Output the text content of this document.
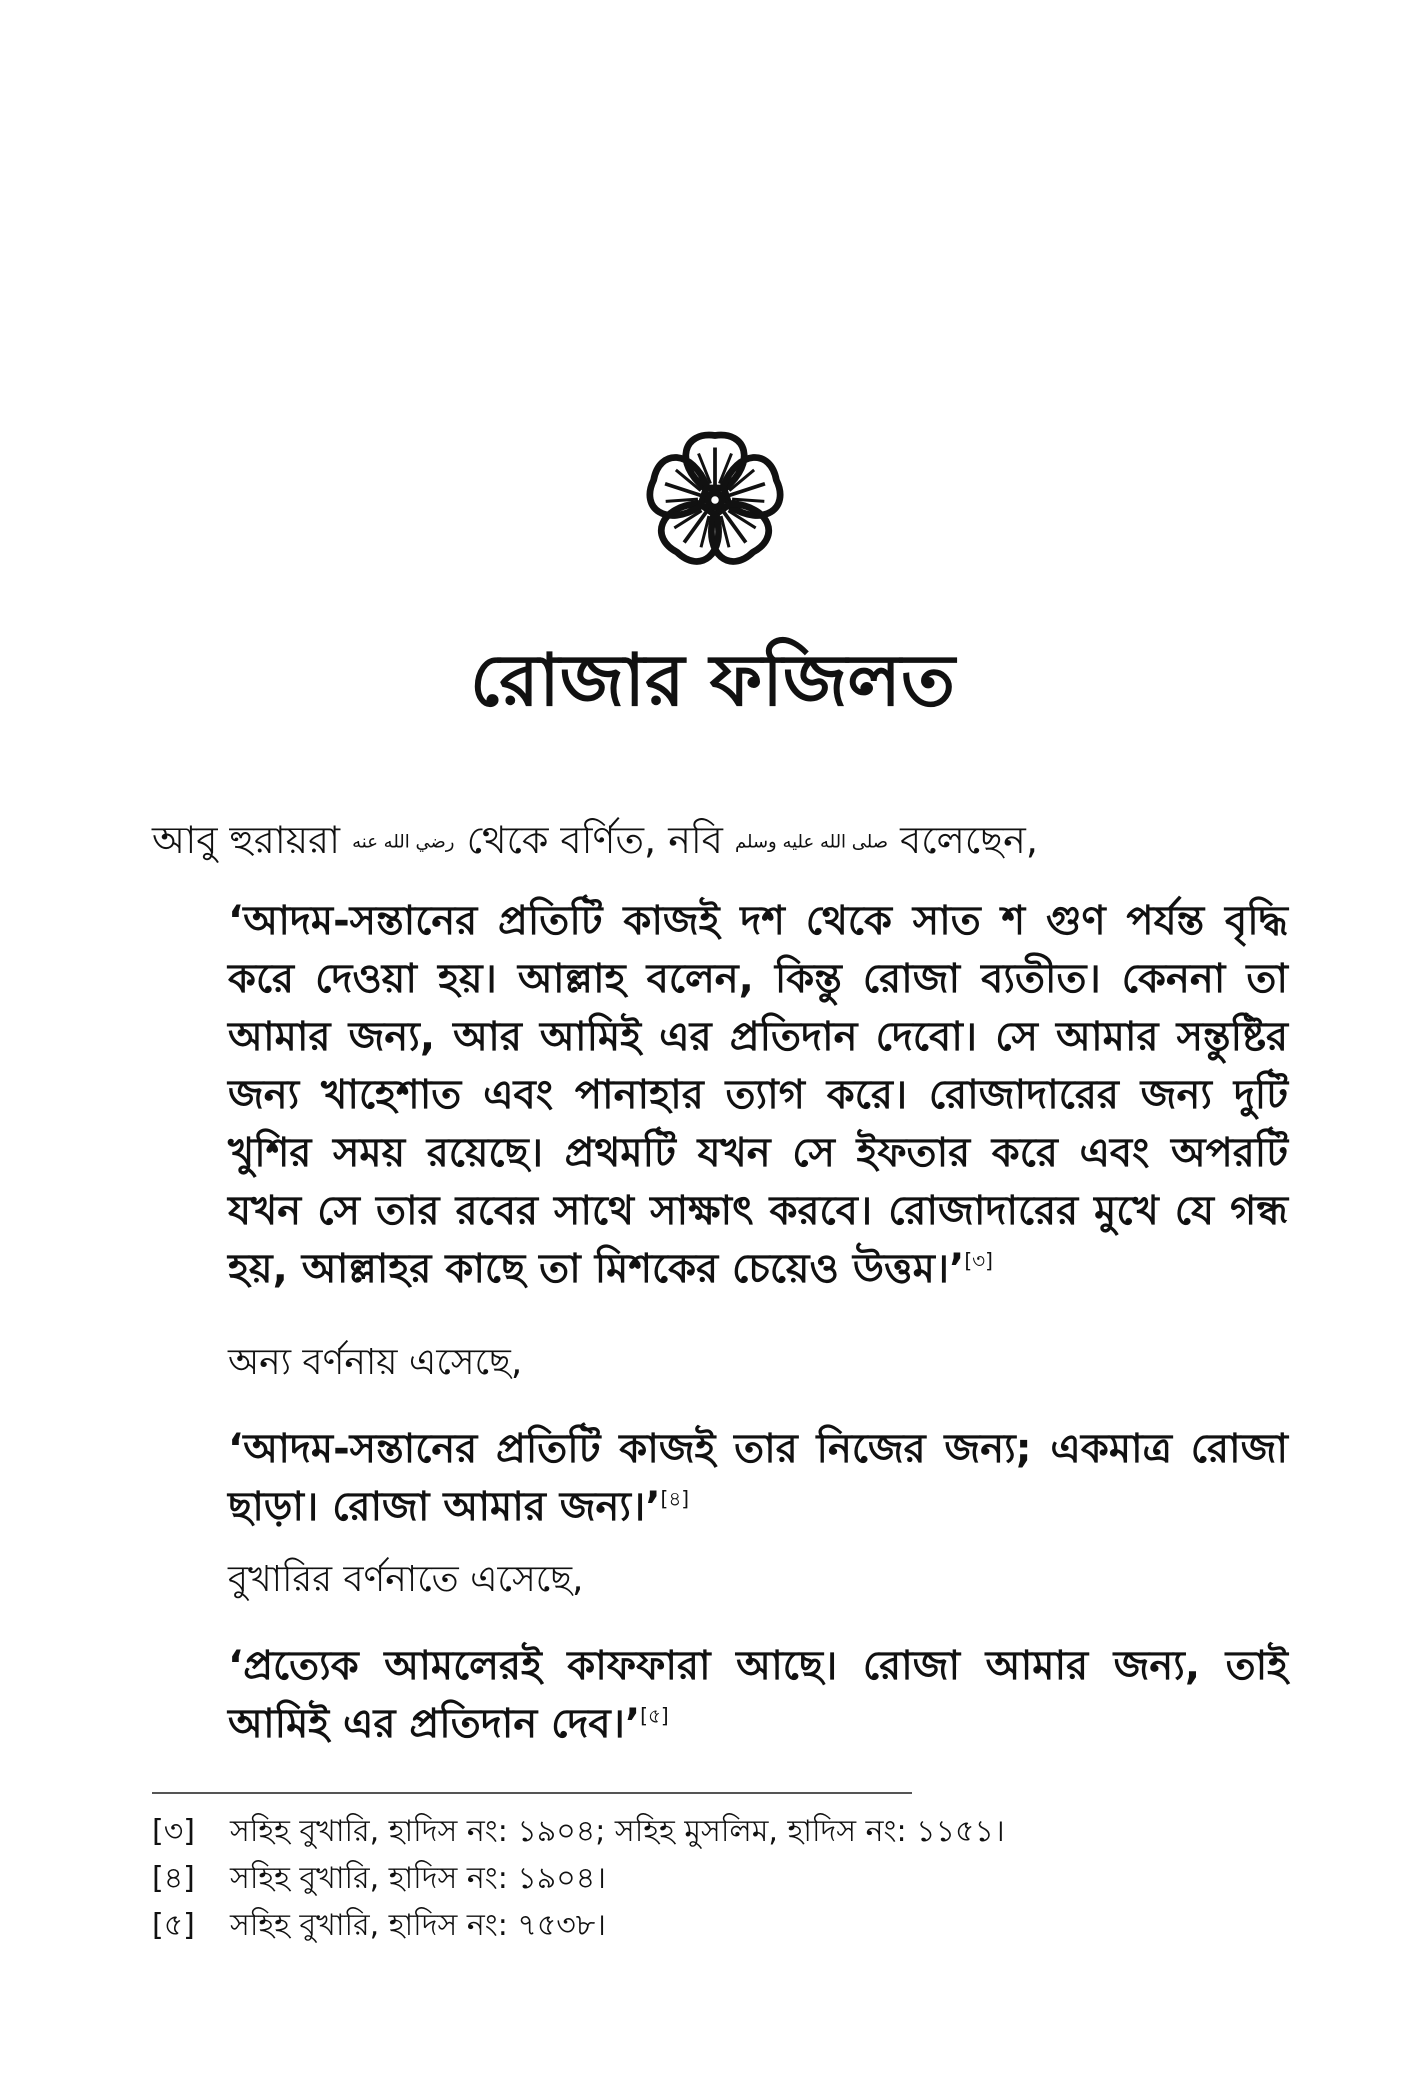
রোজার ফজিলত

আবু হুরায়রা رضي الله عنه থেকে বর্ণিত, নবি صلى الله عليه وسلم বলেছেন,

‘আদম-সন্তানের প্রতিটি কাজই দশ থেকে সাত শ গুণ পর্যন্ত বৃদ্ধি করে দেওয়া হয়। আল্লাহ বলেন, কিন্তু রোজা ব্যতীত। কেননা তা আমার জন্য, আর আমিই এর প্রতিদান দেবো। সে আমার সন্তুষ্টির জন্য খাহেশাত এবং পানাহার ত্যাগ করে। রোজাদারের জন্য দুটি খুশির সময় রয়েছে। প্রথমটি যখন সে ইফতার করে এবং অপরটি যখন সে তার রবের সাথে সাক্ষাৎ করবে। রোজাদারের মুখে যে গন্ধ হয়, আল্লাহর কাছে তা মিশকের চেয়েও উত্তম।’[৩]

অন্য বর্ণনায় এসেছে,

‘আদম-সন্তানের প্রতিটি কাজই তার নিজের জন্য; একমাত্র রোজা ছাড়া। রোজা আমার জন্য।’[৪]

বুখারির বর্ণনাতে এসেছে,

‘প্রত্যেক আমলেরই কাফফারা আছে। রোজা আমার জন্য, তাই আমিই এর প্রতিদান দেব।’[৫]

[৩]	সহিহ বুখারি, হাদিস নং: ১৯০৪; সহিহ মুসলিম, হাদিস নং: ১১৫১।
[৪]	সহিহ বুখারি, হাদিস নং: ১৯০৪।
[৫]	সহিহ বুখারি, হাদিস নং: ৭৫৩৮।
